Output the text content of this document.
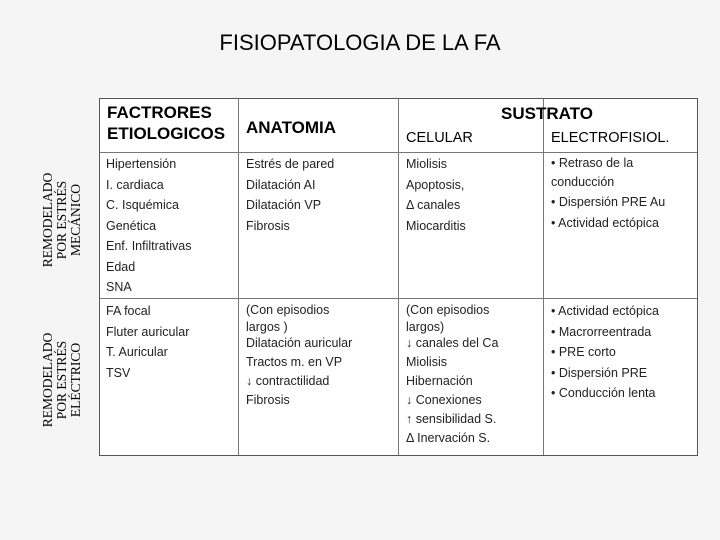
FISIOPATOLOGIA DE LA FA
REMODELADO POR ESTRÉS MECÁNICO
REMODELADO POR ESTRÉS ELÉCTRICO
FACTRORES
ETIOLOGICOS ANATOMIA
SUSTRATO
CELULAR	ELECTROFISIOL.
Hipertensión
I. cardiaca
C. Isquémica
Genética
Enf. Infiltrativas
Edad
SNA
Estrés de pared
Dilatación AI
Dilatación VP
Fibrosis
Miolisis
Apoptosis,
Δ canales
Miocarditis
• Retraso de la
conducción
• Dispersión PRE Au
• Actividad ectópica
FA focal
Fluter auricular
T. Auricular
TSV
(Con episodios
largos )
Dilatación auricular
Tractos m. en VP
↓ contractilidad
Fibrosis
(Con episodios
largos)
↓ canales del Ca
Miolisis
Hibernación
↓ Conexiones
↑ sensibilidad S.
Δ Inervación S.
• Actividad ectópica
• Macrorreentrada
• PRE corto
• Dispersión PRE
• Conducción lenta
